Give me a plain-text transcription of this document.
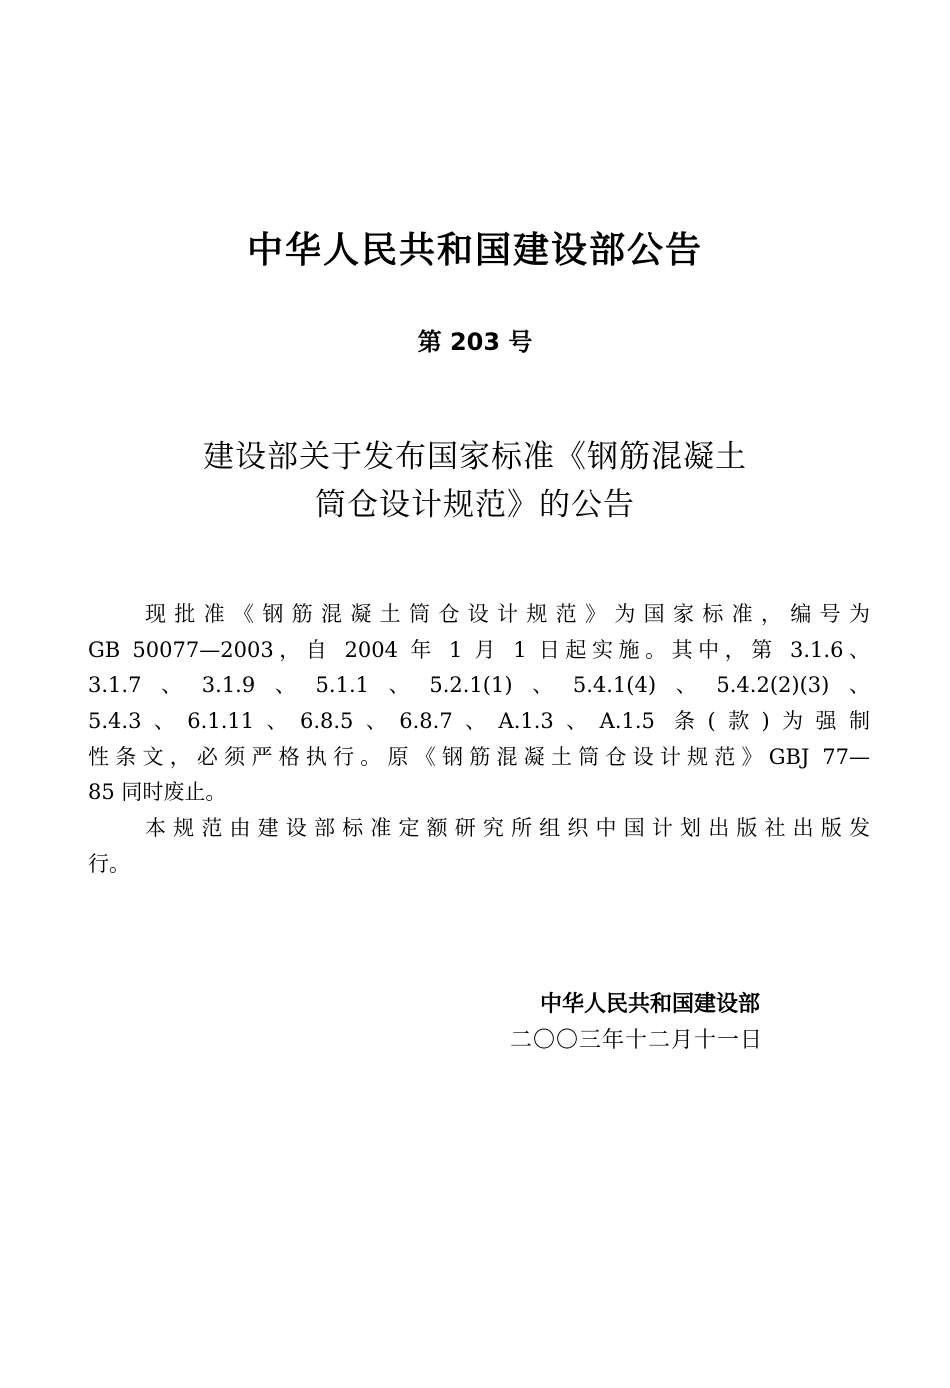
中华人民共和国建设部公告
第 203 号
建设部关于发布国家标准《钢筋混凝土
筒仓设计规范》的公告
现批准《钢筋混凝土筒仓设计规范》为国家标准，编号为
GB 50077—2003，自 2004 年 1 月 1 日起实施。其中，第 3.1.6、
3.1.7、3.1.9、5.1.1、5.2.1(1)、5.4.1(4)、5.4.2(2)(3)、
5.4.3、6.1.11、6.8.5、6.8.7、A.1.3、A.1.5 条(款)为强制
性条文，必须严格执行。原《钢筋混凝土筒仓设计规范》GBJ 77—
85 同时废止。
本规范由建设部标准定额研究所组织中国计划出版社出版发
行。
中华人民共和国建设部
二〇〇三年十二月十一日
